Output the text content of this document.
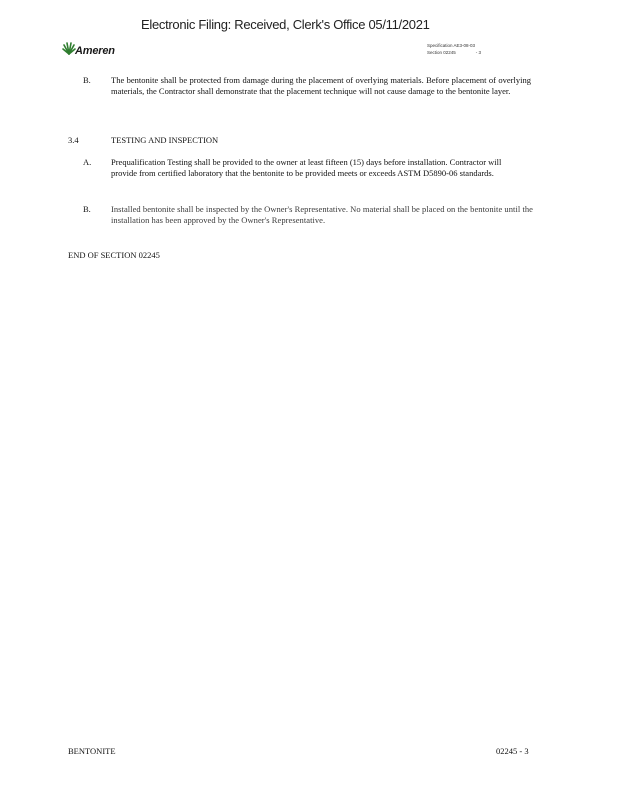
Electronic Filing: Received, Clerk's Office 05/11/2021
Ameren	Specification AE3-08-03
Section 02245	- 3
B.	The bentonite shall be protected from damage during the placement of overlying materials. Before placement of overlying materials, the Contractor shall demonstrate that the placement technique will not cause damage to the bentonite layer.
3.4	TESTING AND INSPECTION
A.	Prequalification Testing shall be provided to the owner at least fifteen (15) days before installation. Contractor will provide from certified laboratory that the bentonite to be provided meets or exceeds ASTM D5890-06 standards.
B.	Installed bentonite shall be inspected by the Owner's Representative. No material shall be placed on the bentonite until the installation has been approved by the Owner's Representative.
END OF SECTION 02245
BENTONITE	02245 - 3
